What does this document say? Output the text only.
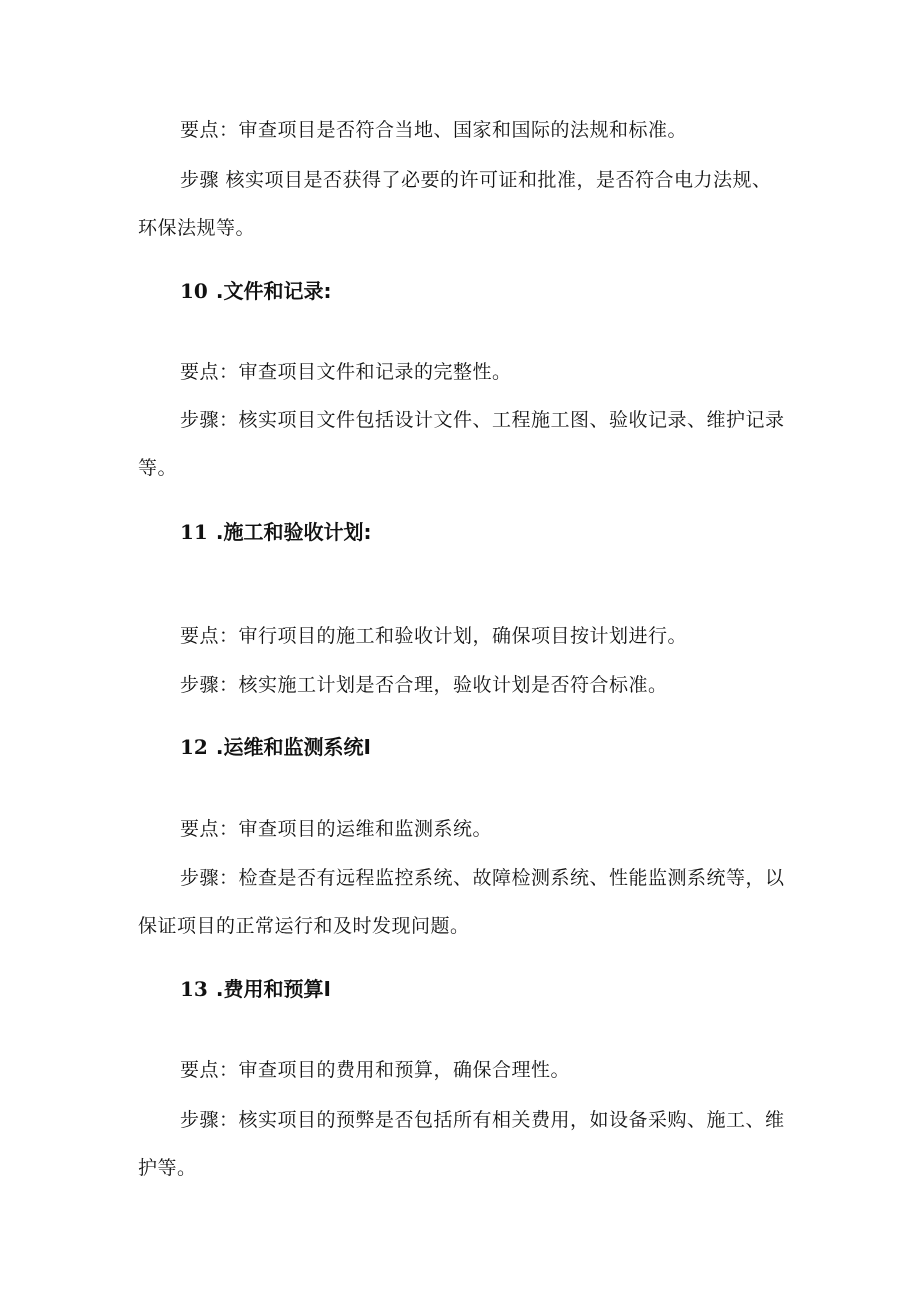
要点：审查项目是否符合当地、国家和国际的法规和标准。

步骤 核实项目是否获得了必要的许可证和批准，是否符合电力法规、环保法规等。

10 .文件和记录:

要点：审查项目文件和记录的完整性。

步骤：核实项目文件包括设计文件、工程施工图、验收记录、维护记录等。

11 .施工和验收计划:

要点：审行项目的施工和验收计划，确保项目按计划进行。

步骤：核实施工计划是否合理，验收计划是否符合标准。

12 .运维和监测系统I

要点：审查项目的运维和监测系统。

步骤：检查是否有远程监控系统、故障检测系统、性能监测系统等，以保证项目的正常运行和及时发现问题。

13 .费用和预算I

要点：审查项目的费用和预算，确保合理性。

步骤：核实项目的预弊是否包括所有相关费用，如设备采购、施工、维护等。
